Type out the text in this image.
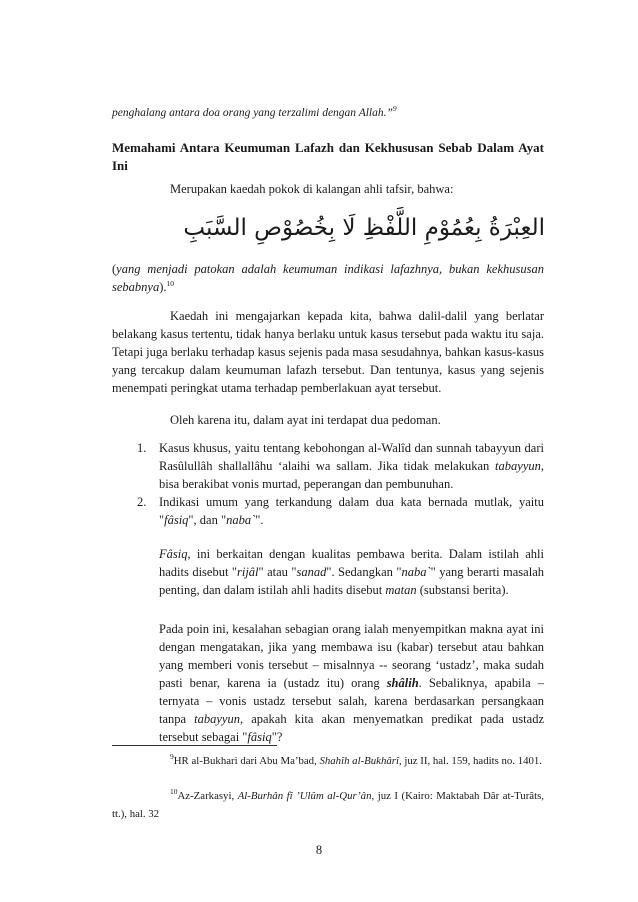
penghalang antara doa orang yang terzalimi dengan Allah.”$^9$
Memahami Antara Keumuman Lafazh dan Kekhususan Sebab Dalam Ayat Ini
Merupakan kaedah pokok di kalangan ahli tafsir, bahwa:
العِبْرَةُ بِعُمُوْمِ اللَّفْظِ لَا بِخُصُوْصِ السَّبَبِ
(yang menjadi patokan adalah keumuman indikasi lafazhnya, bukan kekhususan sebabnya).$^{10}$
Kaedah ini mengajarkan kepada kita, bahwa dalil-dalil yang berlatar belakang kasus tertentu, tidak hanya berlaku untuk kasus tersebut pada waktu itu saja. Tetapi juga berlaku terhadap kasus sejenis pada masa sesudahnya, bahkan kasus-kasus yang tercakup dalam keumuman lafazh tersebut. Dan tentunya, kasus yang sejenis menempati peringkat utama terhadap pemberlakuan ayat tersebut.
Oleh karena itu, dalam ayat ini terdapat dua pedoman.
1. Kasus khusus, yaitu tentang kebohongan al-Walîd dan sunnah tabayyun dari Rasûlullâh shallallâhu ‘alaihi wa sallam. Jika tidak melakukan tabayyun, bisa berakibat vonis murtad, peperangan dan pembunuhan.
2. Indikasi umum yang terkandung dalam dua kata bernada mutlak, yaitu "fâsiq", dan "naba`".
Fâsiq, ini berkaitan dengan kualitas pembawa berita. Dalam istilah ahli hadits disebut "rijâl" atau "sanad". Sedangkan "naba`" yang berarti masalah penting, dan dalam istilah ahli hadits disebut matan (substansi berita).
Pada poin ini, kesalahan sebagian orang ialah menyempitkan makna ayat ini dengan mengatakan, jika yang membawa isu (kabar) tersebut atau bahkan yang memberi vonis tersebut – misalnnya -- seorang ‘ustadz’, maka sudah pasti benar, karena ia (ustadz itu) orang shâlih. Sebaliknya, apabila – ternyata – vonis ustadz tersebut salah, karena berdasarkan persangkaan tanpa tabayyun, apakah kita akan menyematkan predikat pada ustadz tersebut sebagai "fâsiq"?
$^9$HR al-Bukhari dari Abu Ma’bad, Shahîh al-Bukhârî, juz II, hal. 159, hadits no. 1401.
$^{10}$Az-Zarkasyi, Al-Burhân fî ’Ulûm al-Qur’ân, juz I (Kairo: Maktabah Dâr at-Turâts, tt.), hal. 32
8
